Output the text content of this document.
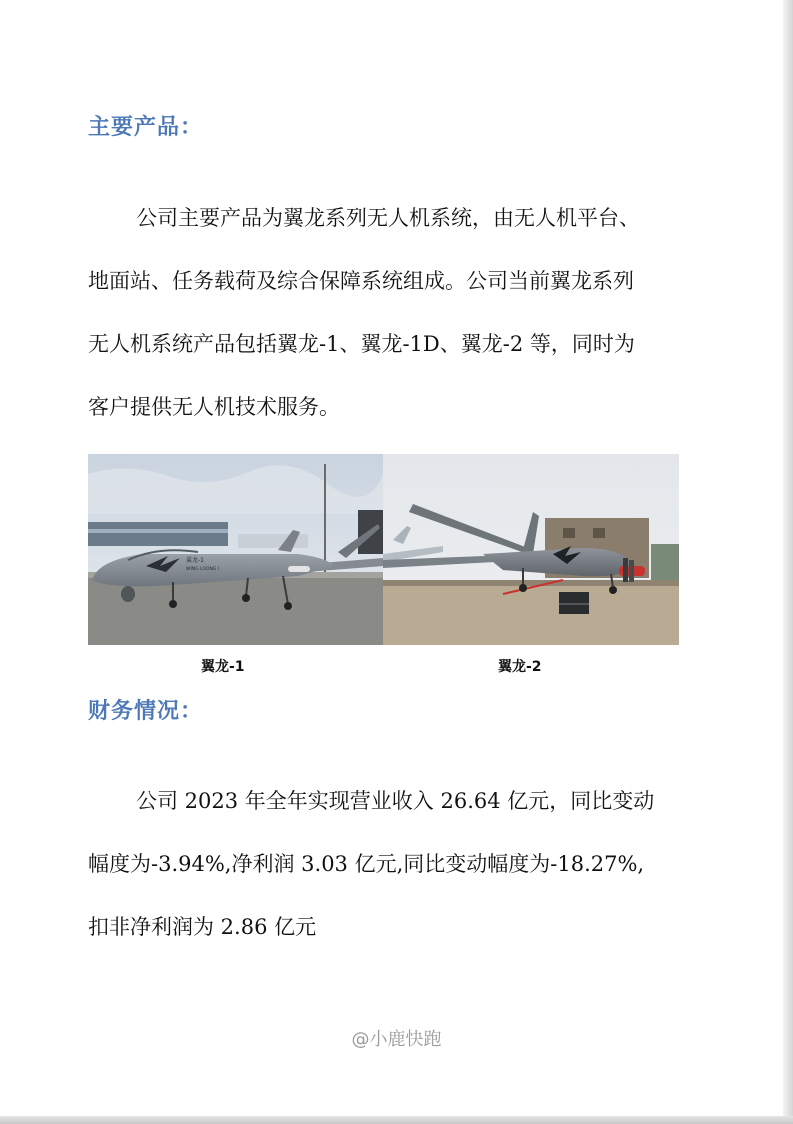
主要产品：
公司主要产品为翼龙系列无人机系统，由无人机平台、
地面站、任务载荷及综合保障系统组成。公司当前翼龙系列
无人机系统产品包括翼龙-1、翼龙-1D、翼龙-2 等，同时为
客户提供无人机技术服务。
翼龙-1
WING LOONG I
翼龙-1	翼龙-2
财务情况：
公司 2023 年全年实现营业收入 26.64 亿元，同比变动
幅度为-3.94%,净利润 3.03 亿元,同比变动幅度为-18.27%,
扣非净利润为 2.86 亿元
@小鹿快跑
